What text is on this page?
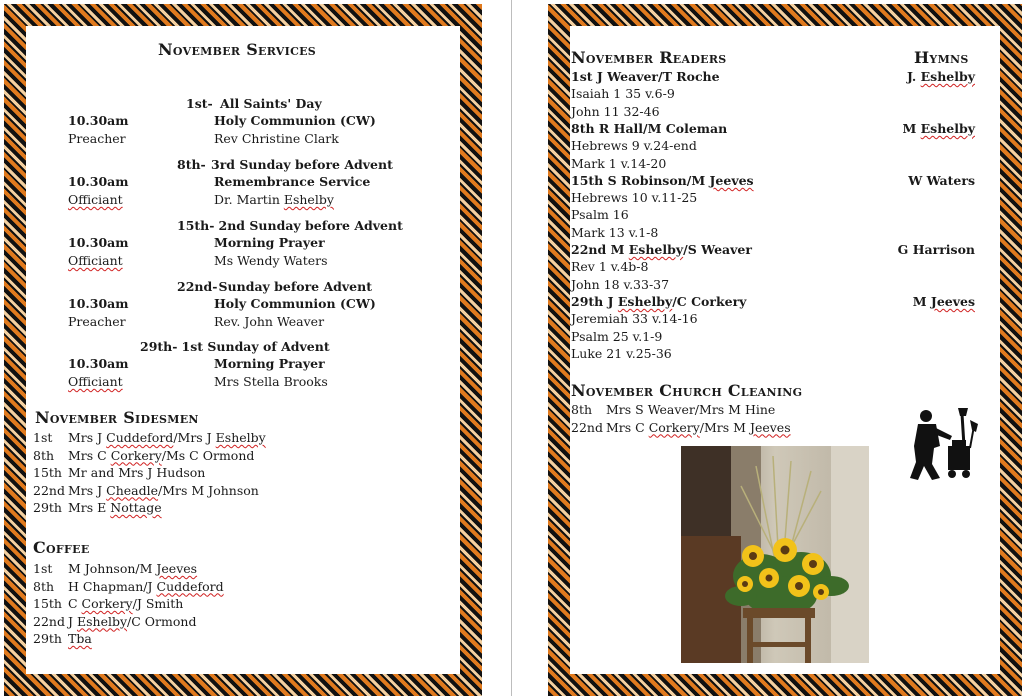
November Services
1st- All Saints' Day
10.30am	Holy Communion (CW)
Preacher	Rev Christine Clark
8th- 3rd Sunday before Advent
10.30am	Remembrance Service
Officiant	Dr. Martin Eshelby
15th- 2nd Sunday before Advent
10.30am	Morning Prayer
Officiant	Ms Wendy Waters
22nd- Sunday before Advent
10.30am	Holy Communion (CW)
Preacher	Rev. John Weaver
29th- 1st Sunday of Advent
10.30am	Morning Prayer
Officiant	Mrs Stella Brooks
November Sidesmen
1st Mrs J Cuddeford/Mrs J Eshelby
8th Mrs C Corkery/Ms C Ormond
15th Mr and Mrs J Hudson
22nd Mrs J Cheadle/Mrs M Johnson
29th Mrs E Nottage
Coffee
1st M Johnson/M Jeeves
8th H Chapman/J Cuddeford
15th C Corkery/J Smith
22nd J Eshelby/C Ormond
29th Tba
November Readers	Hymns
1st J Weaver/T Roche	J. Eshelby
Isaiah 1 35 v.6-9
John 11 32-46
8th R Hall/M Coleman	M Eshelby
Hebrews 9 v.24-end
Mark 1 v.14-20
15th S Robinson/M Jeeves	W Waters
Hebrews 10 v.11-25
Psalm 16
Mark 13 v.1-8
22nd M Eshelby/S Weaver	G Harrison
Rev 1 v.4b-8
John 18 v.33-37
29th J Eshelby/C Corkery	M Jeeves
Jeremiah 33 v.14-16
Psalm 25 v.1-9
Luke 21 v.25-36
November Church Cleaning
8th Mrs S Weaver/Mrs M Hine
22nd Mrs C Corkery/Mrs M Jeeves
